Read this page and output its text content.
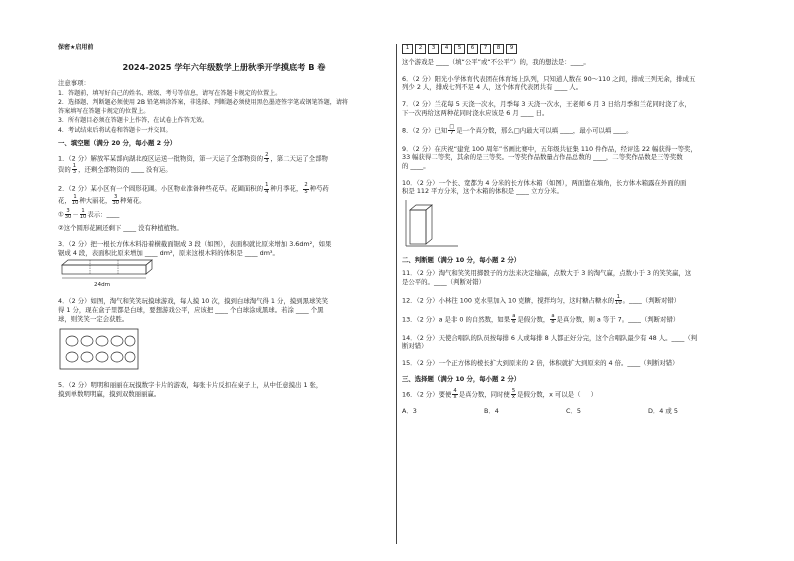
保密★启用前

2024-2025 学年六年级数学上册秋季开学摸底考 B 卷

注意事项：

1．答题前，填写好自己的姓名、班级、考号等信息，请写在答题卡规定的位置上。

2．选择题、判断题必须使用 2B 铅笔填涂答案，非选择、判断题必须使用黑色墨迹签字笔或钢笔答题，请将

答案填写在答题卡规定的位置上。

3．所有题目必须在答题卡上作答，在试卷上作答无效。

4．考试结束后将试卷和答题卡一并交回。

一、填空题（满分 20 分，每小题 2 分）

1．（2 分）解放军某部向湖北疫区运送一批物资，第一天运了全部物资的 $\frac{2}{3}$ ，第二天运了全部物

资的 $\frac{1}{3}$ ，还剩全部物资的 ____ 没有运。

2．（2 分）某小区有一个圆形花圃。小区物业准备种些花草。花圃面积的 $\frac{1}{4}$ 种月季花， $\frac{2}{5}$ 种芍药

花， $\frac{1}{10}$ 种大丽花， $\frac{3}{30}$ 种菊花。

① $\frac{3}{30} - \frac{1}{10}$ 表示：____

②这个圆形花圃还剩下 ____ 没有种植植物。

3．（2 分）把一根长方体木料沿着横截面锯成 3 段（如图），表面积就比原来增加 3.6dm²，如果

锯成 4 段，表面积比原来增加 ____ dm²，原来这根木料的体积是 ____ dm³。

24dm

4．（2 分）如图，淘气和笑笑玩摸球游戏，每人摸 10 次，摸到白球淘气得 1 分，摸到黑球笑笑

得 1 分，现在盒子里都是白球，要想游戏公平，应该把 ____ 个白球涂成黑球。若涂 ____ 个黑

球，则笑笑一定会获胜。

5．（2 分）明明和丽丽在玩摸数字卡片的游戏，每张卡片反扣在桌子上，从中任意摸出 1 张，

摸到单数明明赢，摸到双数丽丽赢。

1	2	3	4	5	6	7	8	9

这个游戏是 ____（填“公平”或“不公平”）的，我的想法是：____。

6．（2 分）阳光小学体育代表团在体育场上队列，只知道人数在 90～110 之间，排成三列无余，排成五

列少 2 人，排成七列不足 4 人，这个体育代表团共有 ____ 人。

7．（2 分）兰花每 5 天浇一次水，月季每 3 天浇一次水，王老师 6 月 3 日给月季和兰花同时浇了水，

下一次再给这两种花同时浇水应该是 6 月 ____ 日。

8．（2 分）已知 $\frac{□}{7}$ 是一个真分数，那么□内最大可以填 ____，最小可以填 ____。

9．（2 分）在庆祝“建党 100 周年”书画比赛中，五年级共征集 110 件作品，经评选 22 幅获得一等奖，

33 幅获得二等奖，其余的是三等奖。一等奖作品数量占作品总数的 ____，二等奖作品数是三等奖数

的 ____。

10．（2 分）一个长、宽都为 4 分米的长方体木箱（如图），两面靠在墙角，长方体木箱露在外面的面

积是 112 平方分米，这个木箱的体积是 ____ 立方分米。

二、判断题（满分 10 分，每小题 2 分）

11．（2 分）淘气和笑笑用掷骰子的方法来决定输赢，点数大于 3 的淘气赢，点数小于 3 的笑笑赢，这

是公平的。____（判断对错）

12．（2 分）小林往 100 克水里加入 10 克糖，搅拌均匀，这时糖占糖水的 $\frac{1}{10}$ 。____（判断对错）

13．（2 分）a 是非 0 的自然数，如果 $\frac{a}{6}$ 是假分数， $\frac{a}{8}$ 是真分数，则 a 等于 7。____（判断对错）

14．（2 分）天使合唱队的队员按每排 6 人或每排 8 人都正好分完，这个合唱队最少有 48 人。____（判

断对错）

15．（2 分）一个正方体的棱长扩大到原来的 2 倍，体积就扩大到原来的 4 倍。____（判断对错）

三、选择题（满分 10 分，每小题 2 分）

16．（2 分）要使 $\frac{4}{x}$ 是真分数，同时使 $\frac{5}{x}$ 是假分数，x 可以是（     ）

A．3	B．4	C．5	D．4 或 5
